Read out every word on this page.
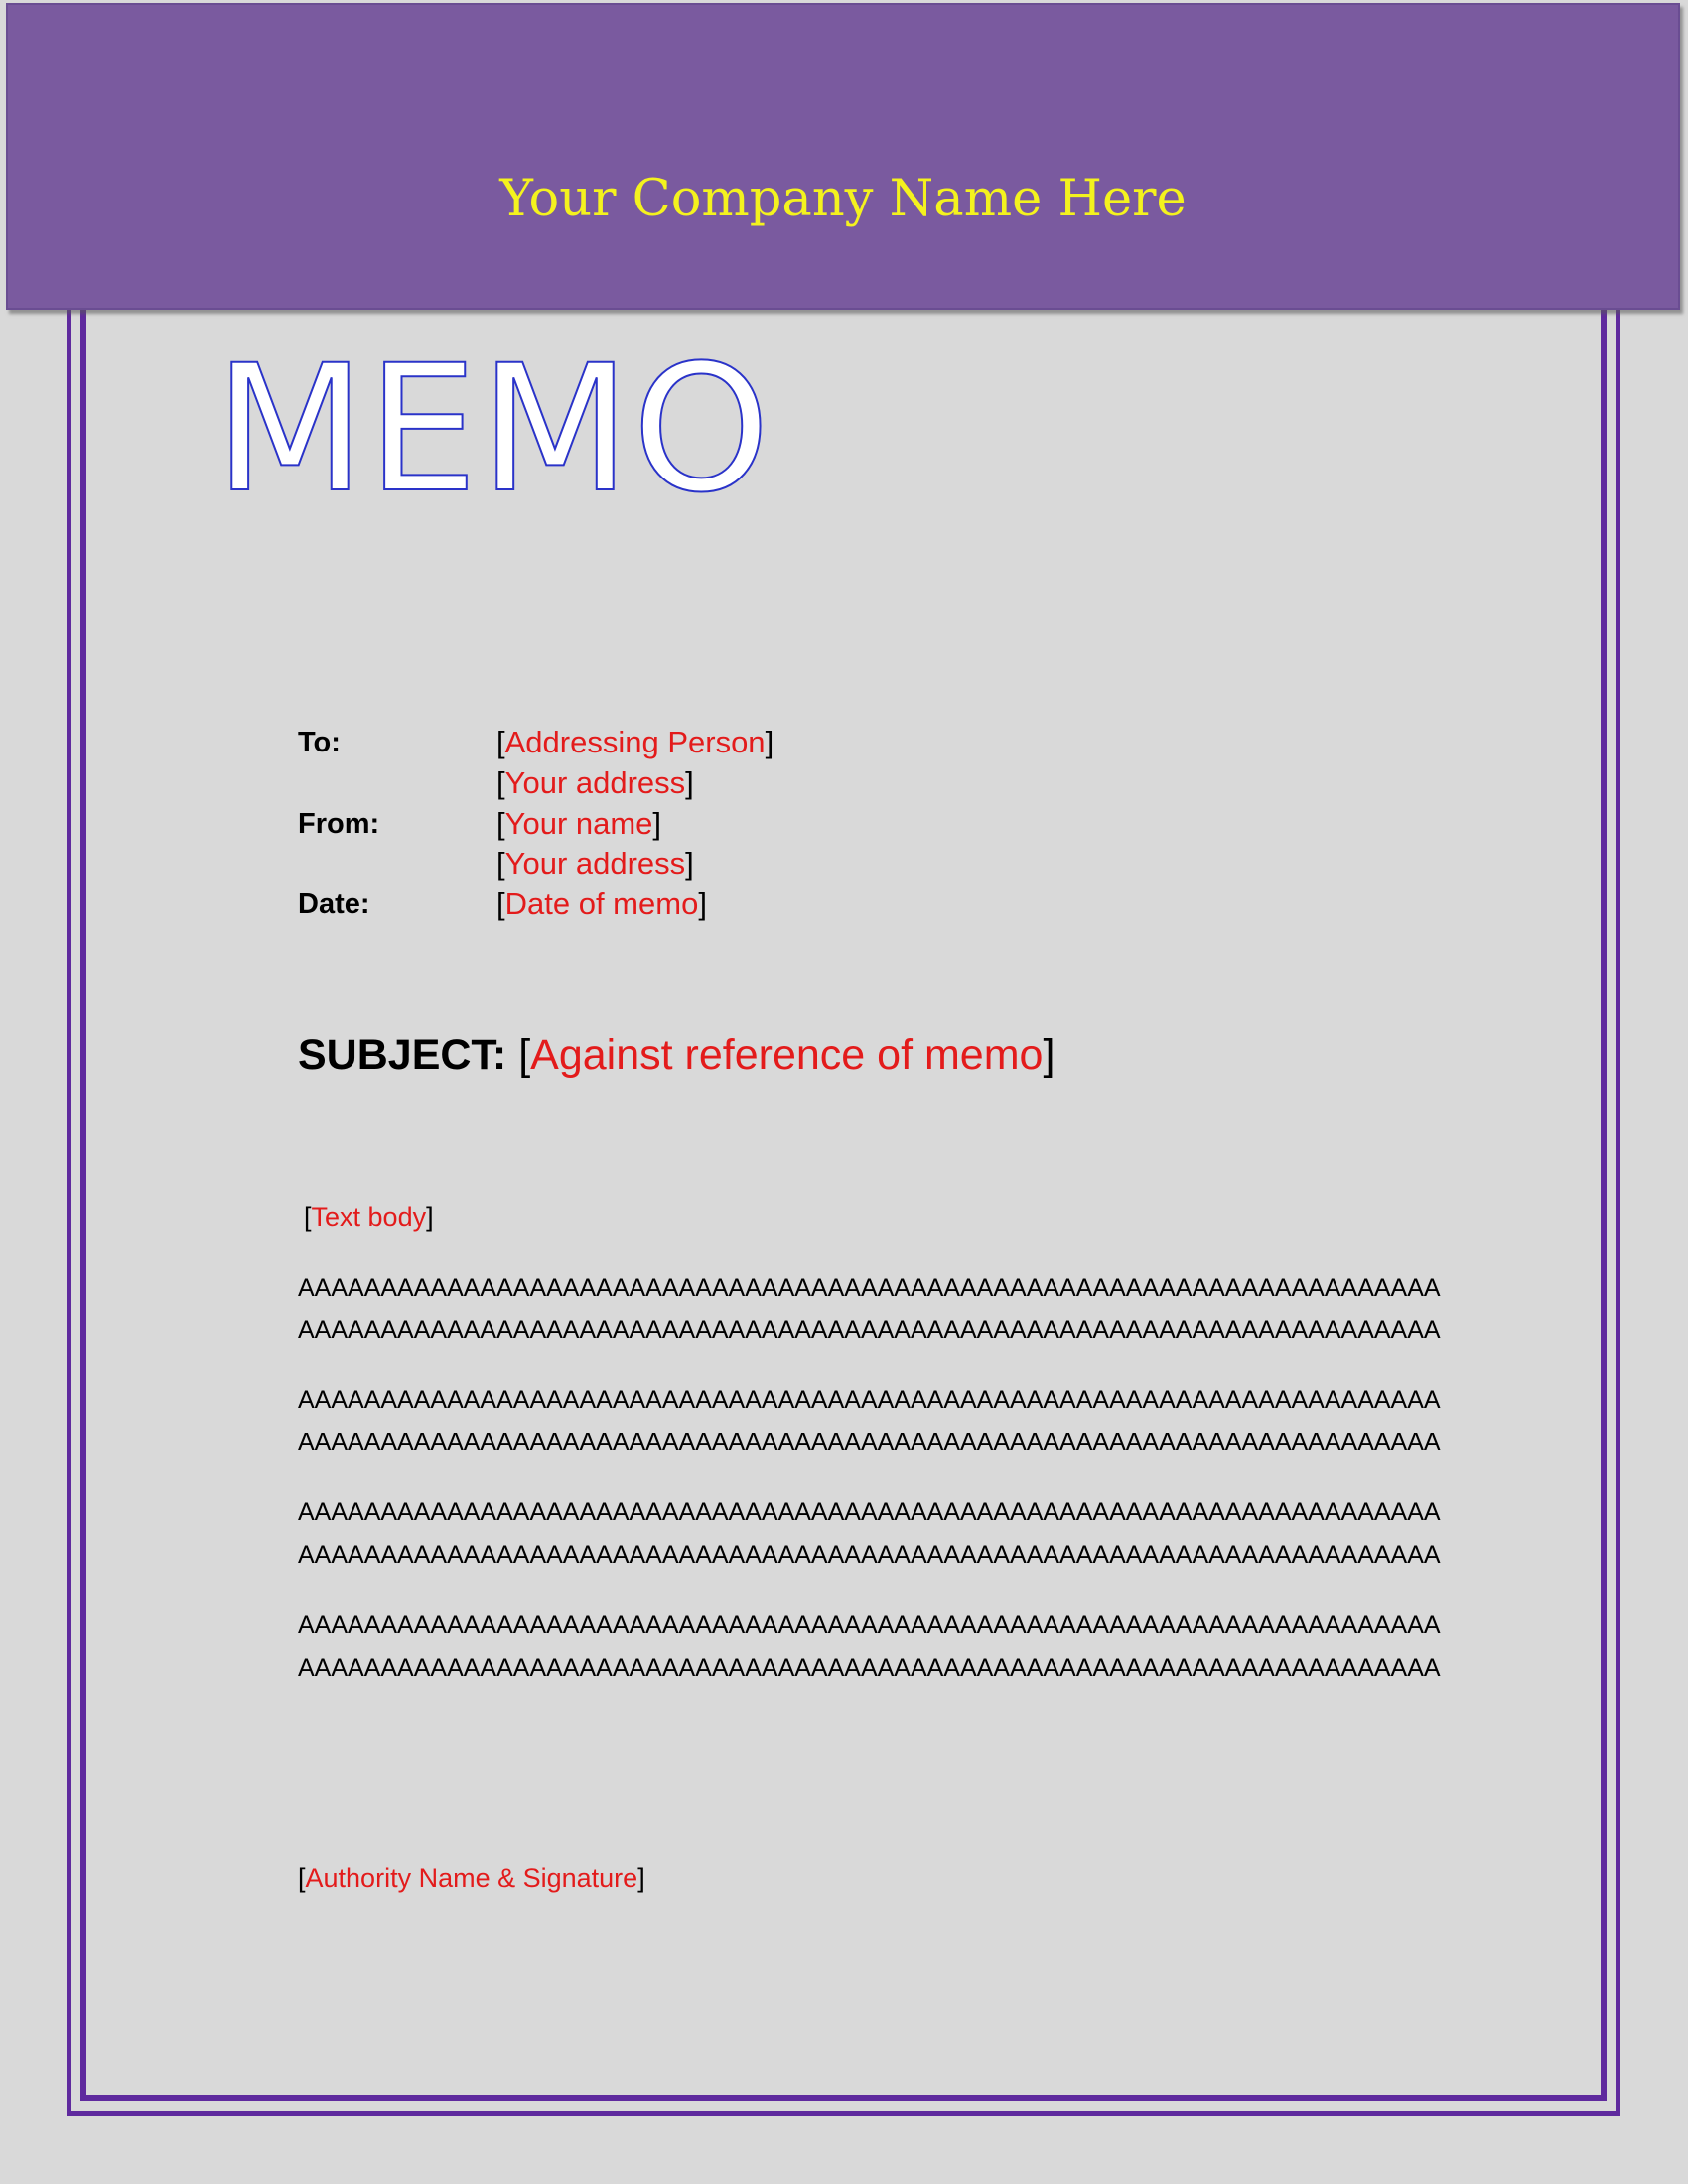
Your Company Name Here
MEMO
To:	[Addressing Person]
[Your address]
From:	[Your name]
[Your address]
Date:	[Date of memo]
SUBJECT: [Against reference of memo]
[Text body]
AAAAAAAAAAAAAAAAAAAAAAAAAAAAAAAAAAAAAAAAAAAAAAAAAAAAAAAAAAAAAAAAAAAAA
AAAAAAAAAAAAAAAAAAAAAAAAAAAAAAAAAAAAAAAAAAAAAAAAAAAAAAAAAAAAAAAAAAAAA
AAAAAAAAAAAAAAAAAAAAAAAAAAAAAAAAAAAAAAAAAAAAAAAAAAAAAAAAAAAAAAAAAAAAA
AAAAAAAAAAAAAAAAAAAAAAAAAAAAAAAAAAAAAAAAAAAAAAAAAAAAAAAAAAAAAAAAAAAAA
AAAAAAAAAAAAAAAAAAAAAAAAAAAAAAAAAAAAAAAAAAAAAAAAAAAAAAAAAAAAAAAAAAAAA
AAAAAAAAAAAAAAAAAAAAAAAAAAAAAAAAAAAAAAAAAAAAAAAAAAAAAAAAAAAAAAAAAAAAA
AAAAAAAAAAAAAAAAAAAAAAAAAAAAAAAAAAAAAAAAAAAAAAAAAAAAAAAAAAAAAAAAAAAAA
AAAAAAAAAAAAAAAAAAAAAAAAAAAAAAAAAAAAAAAAAAAAAAAAAAAAAAAAAAAAAAAAAAAAA
[Authority Name & Signature]
